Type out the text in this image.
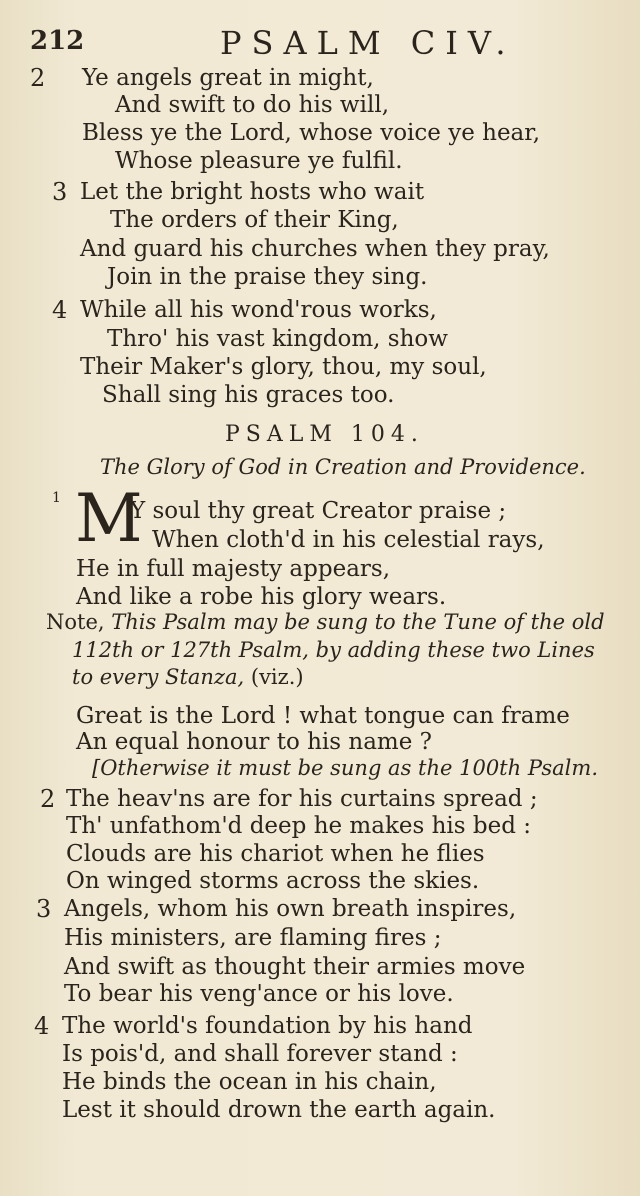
212	PSALM CIV.
2 Ye angels great in might,
And swift to do his will,
Bless ye the Lord, whose voice ye hear,
Whose pleasure ye fulfil.
3 Let the bright hosts who wait
The orders of their King,
And guard his churches when they pray,
Join in the praise they sing.
4 While all his wond'rous works,
Thro' his vast kingdom, show
Their Maker's glory, thou, my soul,
Shall sing his graces too.
PSALM 104.
The Glory of God in Creation and Providence.
1 M
Y soul thy great Creator praise ;
When cloth'd in his celestial rays,
He in full majesty appears,
And like a robe his glory wears.
Note, This Psalm may be sung to the Tune of the old
112th or 127th Psalm, by adding these two Lines
to every Stanza, (viz.)
Great is the Lord ! what tongue can frame
An equal honour to his name ?
[Otherwise it must be sung as the 100th Psalm.
2 The heav'ns are for his curtains spread ;
Th' unfathom'd deep he makes his bed :
Clouds are his chariot when he flies
On winged storms across the skies.
3 Angels, whom his own breath inspires,
His ministers, are flaming fires ;
And swift as thought their armies move
To bear his veng'ance or his love.
4 The world's foundation by his hand
Is pois'd, and shall forever stand :
He binds the ocean in his chain,
Lest it should drown the earth again.
